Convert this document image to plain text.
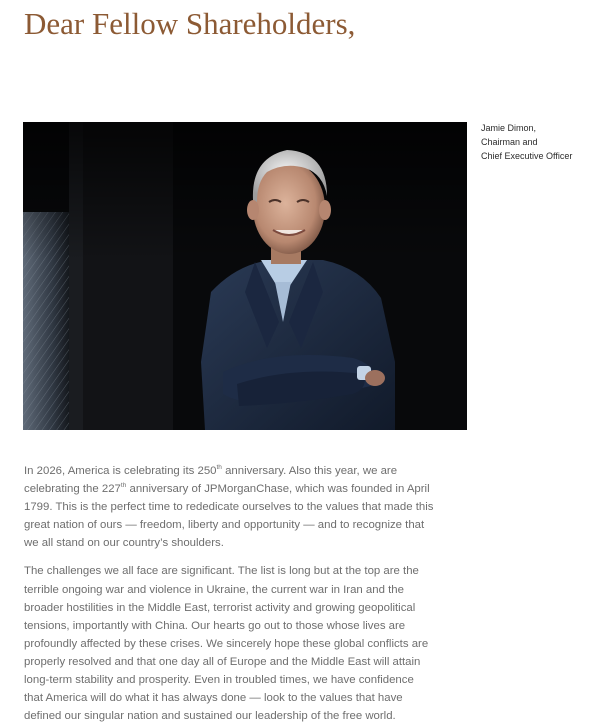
Dear Fellow Shareholders,
Jamie Dimon,
Chairman and
Chief Executive Officer

In 2026, America is celebrating its 250th anniversary. Also this year, we are
celebrating the 227th anniversary of JPMorganChase, which was founded in April
1799. This is the perfect time to rededicate ourselves to the values that made this
great nation of ours — freedom, liberty and opportunity — and to recognize that
we all stand on our country’s shoulders.

The challenges we all face are significant. The list is long but at the top are the
terrible ongoing war and violence in Ukraine, the current war in Iran and the
broader hostilities in the Middle East, terrorist activity and growing geopolitical
tensions, importantly with China. Our hearts go out to those whose lives are
profoundly affected by these crises. We sincerely hope these global conflicts are
properly resolved and that one day all of Europe and the Middle East will attain
long-term stability and prosperity. Even in troubled times, we have confidence
that America will do what it has always done — look to the values that have
defined our singular nation and sustained our leadership of the free world.
